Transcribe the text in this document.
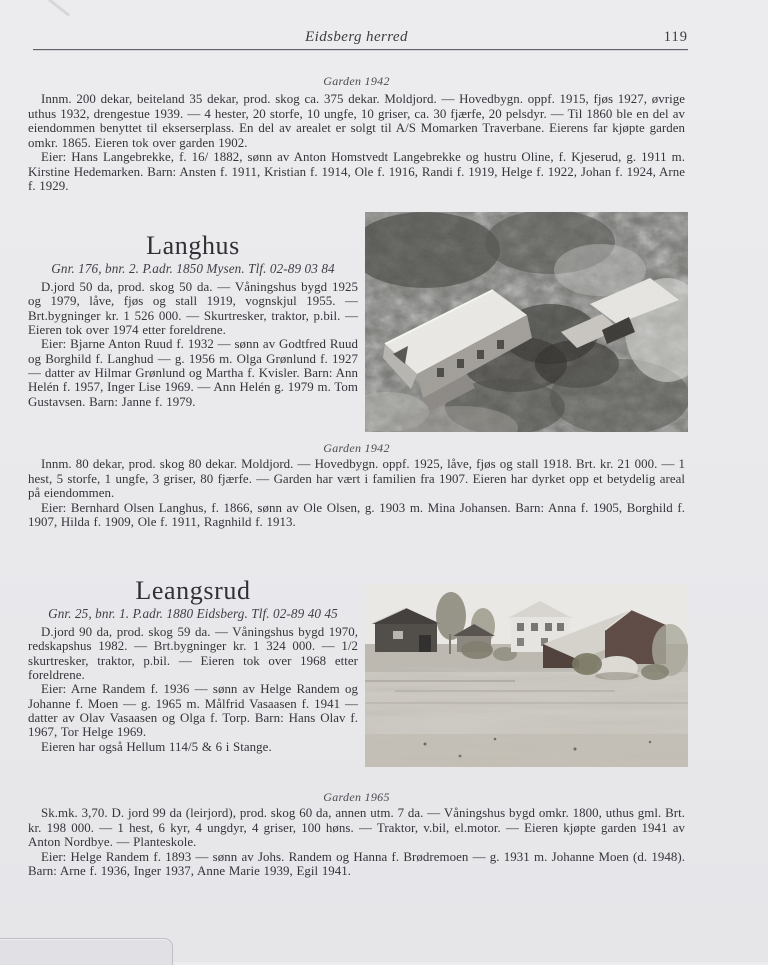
Eidsberg herred	119
Garden 1942

Innm. 200 dekar, beiteland 35 dekar, prod. skog ca. 375 dekar. Moldjord. — Hovedbygn. oppf. 1915, fjøs 1927, øvrige uthus 1932, drengestue 1939. — 4 hester, 20 storfe, 10 ungfe, 10 griser, ca. 30 fjærfe, 20 pelsdyr. — Til 1860 ble en del av eiendommen benyttet til ekserserplass. En del av arealet er solgt til A/S Momarken Traverbane. Eierens far kjøpte garden omkr. 1865. Eieren tok over garden 1902.

Eier: Hans Langebrekke, f. 16/ 1882, sønn av Anton Homstvedt Langebrekke og hustru Oline, f. Kjeserud, g. 1911 m. Kirstine Hedemarken. Barn: Ansten f. 1911, Kristian f. 1914, Ole f. 1916, Randi f. 1919, Helge f. 1922, Johan f. 1924, Arne f. 1929.

Langhus
Gnr. 176, bnr. 2. P.adr. 1850 Mysen. Tlf. 02-89 03 84

D.jord 50 da, prod. skog 50 da. — Våningshus bygd 1925 og 1979, låve, fjøs og stall 1919, vognskjul 1955. — Brt.bygninger kr. 1 526 000. — Skurtresker, traktor, p.bil. — Eieren tok over 1974 etter foreldrene.

Eier: Bjarne Anton Ruud f. 1932 — sønn av Godtfred Ruud og Borghild f. Langhud — g. 1956 m. Olga Grønlund f. 1927 — datter av Hilmar Grønlund og Martha f. Kvisler. Barn: Ann Helén f. 1957, Inger Lise 1969. — Ann Helén g. 1979 m. Tom Gustavsen. Barn: Janne f. 1979.

Garden 1942

Innm. 80 dekar, prod. skog 80 dekar. Moldjord. — Hovedbygn. oppf. 1925, låve, fjøs og stall 1918. Brt. kr. 21 000. — 1 hest, 5 storfe, 1 ungfe, 3 griser, 80 fjærfe. — Garden har vært i familien fra 1907. Eieren har dyrket opp et betydelig areal på eiendommen.

Eier: Bernhard Olsen Langhus, f. 1866, sønn av Ole Olsen, g. 1903 m. Mina Johansen. Barn: Anna f. 1905, Borghild f. 1907, Hilda f. 1909, Ole f. 1911, Ragnhild f. 1913.

Leangsrud
Gnr. 25, bnr. 1. P.adr. 1880 Eidsberg. Tlf. 02-89 40 45

D.jord 90 da, prod. skog 59 da. — Våningshus bygd 1970, redskapshus 1982. — Brt.bygninger kr. 1 324 000. — 1/2 skurtresker, traktor, p.bil. — Eieren tok over 1968 etter foreldrene.

Eier: Arne Randem f. 1936 — sønn av Helge Randem og Johanne f. Moen — g. 1965 m. Målfrid Vasaasen f. 1941 — datter av Olav Vasaasen og Olga f. Torp. Barn: Hans Olav f. 1967, Tor Helge 1969.

Eieren har også Hellum 114/5 & 6 i Stange.

Garden 1965

Sk.mk. 3,70. D. jord 99 da (leirjord), prod. skog 60 da, annen utm. 7 da. — Våningshus bygd omkr. 1800, uthus gml. Brt. kr. 198 000. — 1 hest, 6 kyr, 4 ungdyr, 4 griser, 100 høns. — Traktor, v.bil, el.motor. — Eieren kjøpte garden 1941 av Anton Nordbye. — Planteskole.

Eier: Helge Randem f. 1893 — sønn av Johs. Randem og Hanna f. Brødremoen — g. 1931 m. Johanne Moen (d. 1948). Barn: Arne f. 1936, Inger 1937, Anne Marie 1939, Egil 1941.
